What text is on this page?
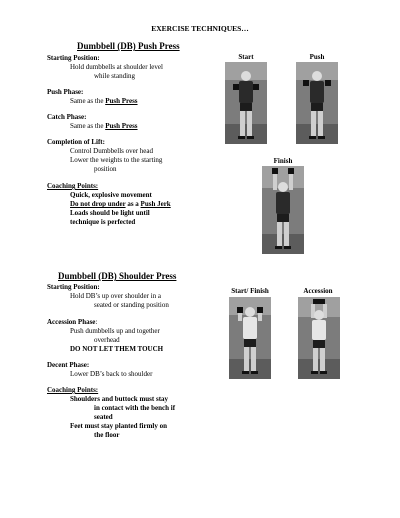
EXERCISE TECHNIQUES…
Dumbbell (DB) Push Press
Starting Position:
Hold dumbbells at shoulder level
while standing
Push Phase:
Same as the Push Press
Catch Phase:
Same as the Push Press
Completion of Lift:
Control Dumbbells over head
Lower the weights to the starting
position
Coaching Points:
Quick, explosive movement
Do not drop under as a Push Jerk
Loads should be light until
technique is perfected
Start	Push
Finish
Dumbbell (DB) Shoulder Press
Starting Position:
Hold DB’s up over shoulder in a
seated or standing position
Accession Phase:
Push dumbbells up and together
overhead
DO NOT LET THEM TOUCH
Decent Phase:
Lower DB’s back to shoulder
Coaching Points:
Shoulders and buttock must stay
in contact with the bench if
seated
Feet must stay planted firmly on
the floor
Start/ Finish	Accession
